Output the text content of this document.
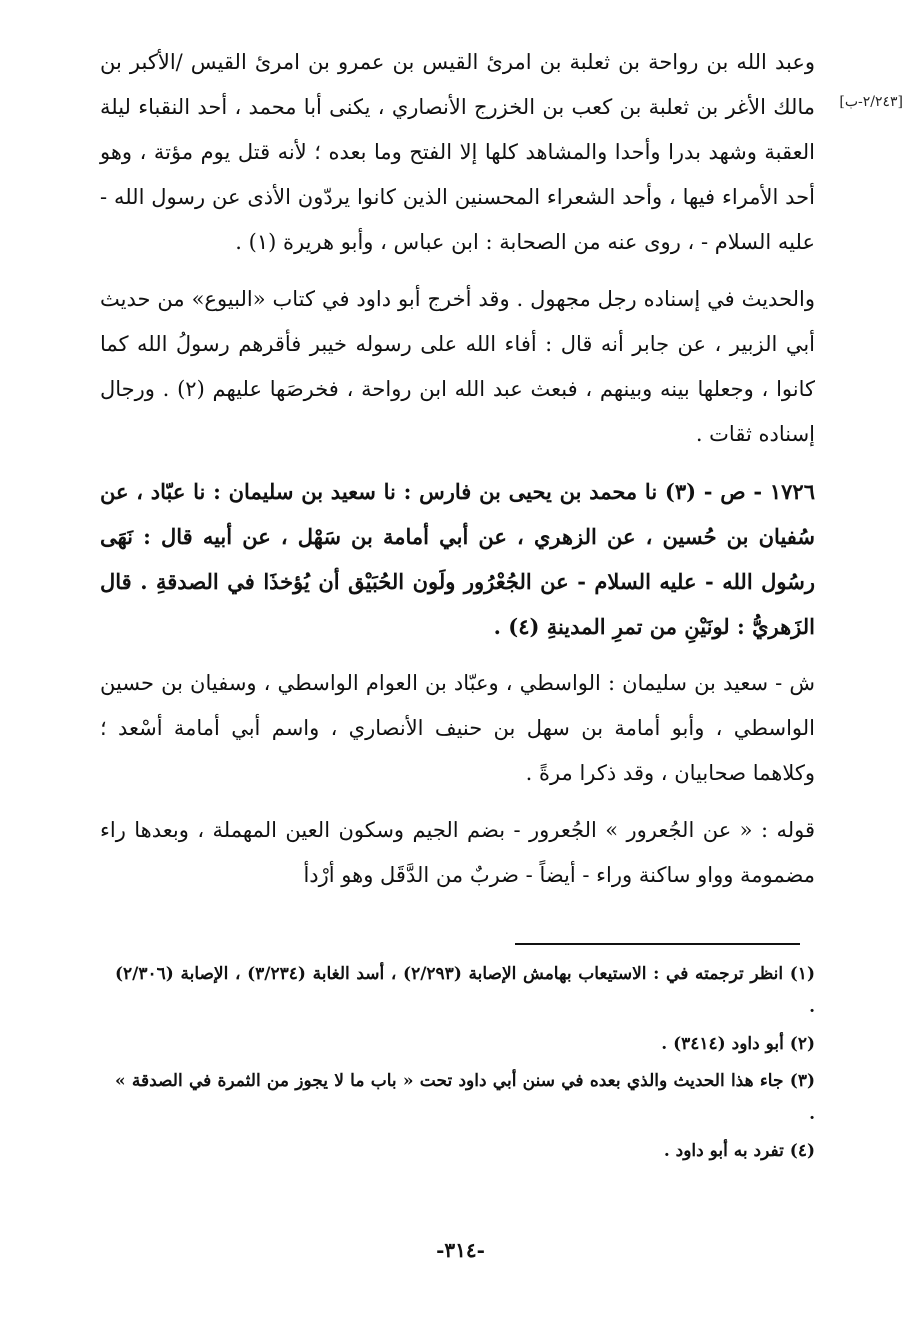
[٢/٢٤٣-ب]

وعبد الله بن رواحة بن ثعلبة بن امرئ القيس بن عمرو بن امرئ القيس /الأكبر بن مالك الأغر بن ثعلبة بن كعب بن الخزرج الأنصاري ، يكنى أبا محمد ، أحد النقباء ليلة العقبة وشهد بدرا وأحدا والمشاهد كلها إلا الفتح وما بعده ؛ لأنه قتل يوم مؤتة ، وهو أحد الأمراء فيها ، وأحد الشعراء المحسنين الذين كانوا يردّون الأذى عن رسول الله - عليه السلام - ، روى عنه من الصحابة : ابن عباس ، وأبو هريرة (١) .

والحديث في إسناده رجل مجهول . وقد أخرج أبو داود في كتاب «البيوع» من حديث أبي الزبير ، عن جابر أنه قال : أفاء الله على رسوله خيبر فأقرهم رسولُ الله كما كانوا ، وجعلها بينه وبينهم ، فبعث عبد الله ابن رواحة ، فخرصَها عليهم (٢) . ورجال إسناده ثقات .

١٧٢٦ - ص - (٣) نا محمد بن يحيى بن فارس : نا سعيد بن سليمان : نا عبّاد ، عن سُفيان بن حُسين ، عن الزهري ، عن أبي أمامة بن سَهْل ، عن أبيه قال : نَهَى رسُول الله - عليه السلام - عن الجُعْرُور ولَون الحُبَيْق أن يُؤخذَا في الصدقةِ . قال الزَهريُّ : لونَيْنِ من تمرِ المدينةِ (٤) .

ش - سعيد بن سليمان : الواسطي ، وعبّاد بن العوام الواسطي ، وسفيان بن حسين الواسطي ، وأبو أمامة بن سهل بن حنيف الأنصاري ، واسم أبي أمامة أسْعد ؛ وكلاهما صحابيان ، وقد ذكرا مرةً .

قوله : « عن الجُعرور » الجُعرور - بضم الجيم وسكون العين المهملة ، وبعدها راء مضمومة وواو ساكنة وراء - أيضاً - ضربٌ من الدَّقَل وهو أرْدأ

(١) انظر ترجمته في : الاستيعاب بهامش الإصابة (٢/٢٩٣) ، أسد الغابة (٣/٢٣٤) ، الإصابة (٢/٣٠٦) .

(٢) أبو داود (٣٤١٤) .

(٣) جاء هذا الحديث والذي بعده في سنن أبي داود تحت « باب ما لا يجوز من الثمرة في الصدقة » .

(٤) تفرد به أبو داود .

-٣١٤-
